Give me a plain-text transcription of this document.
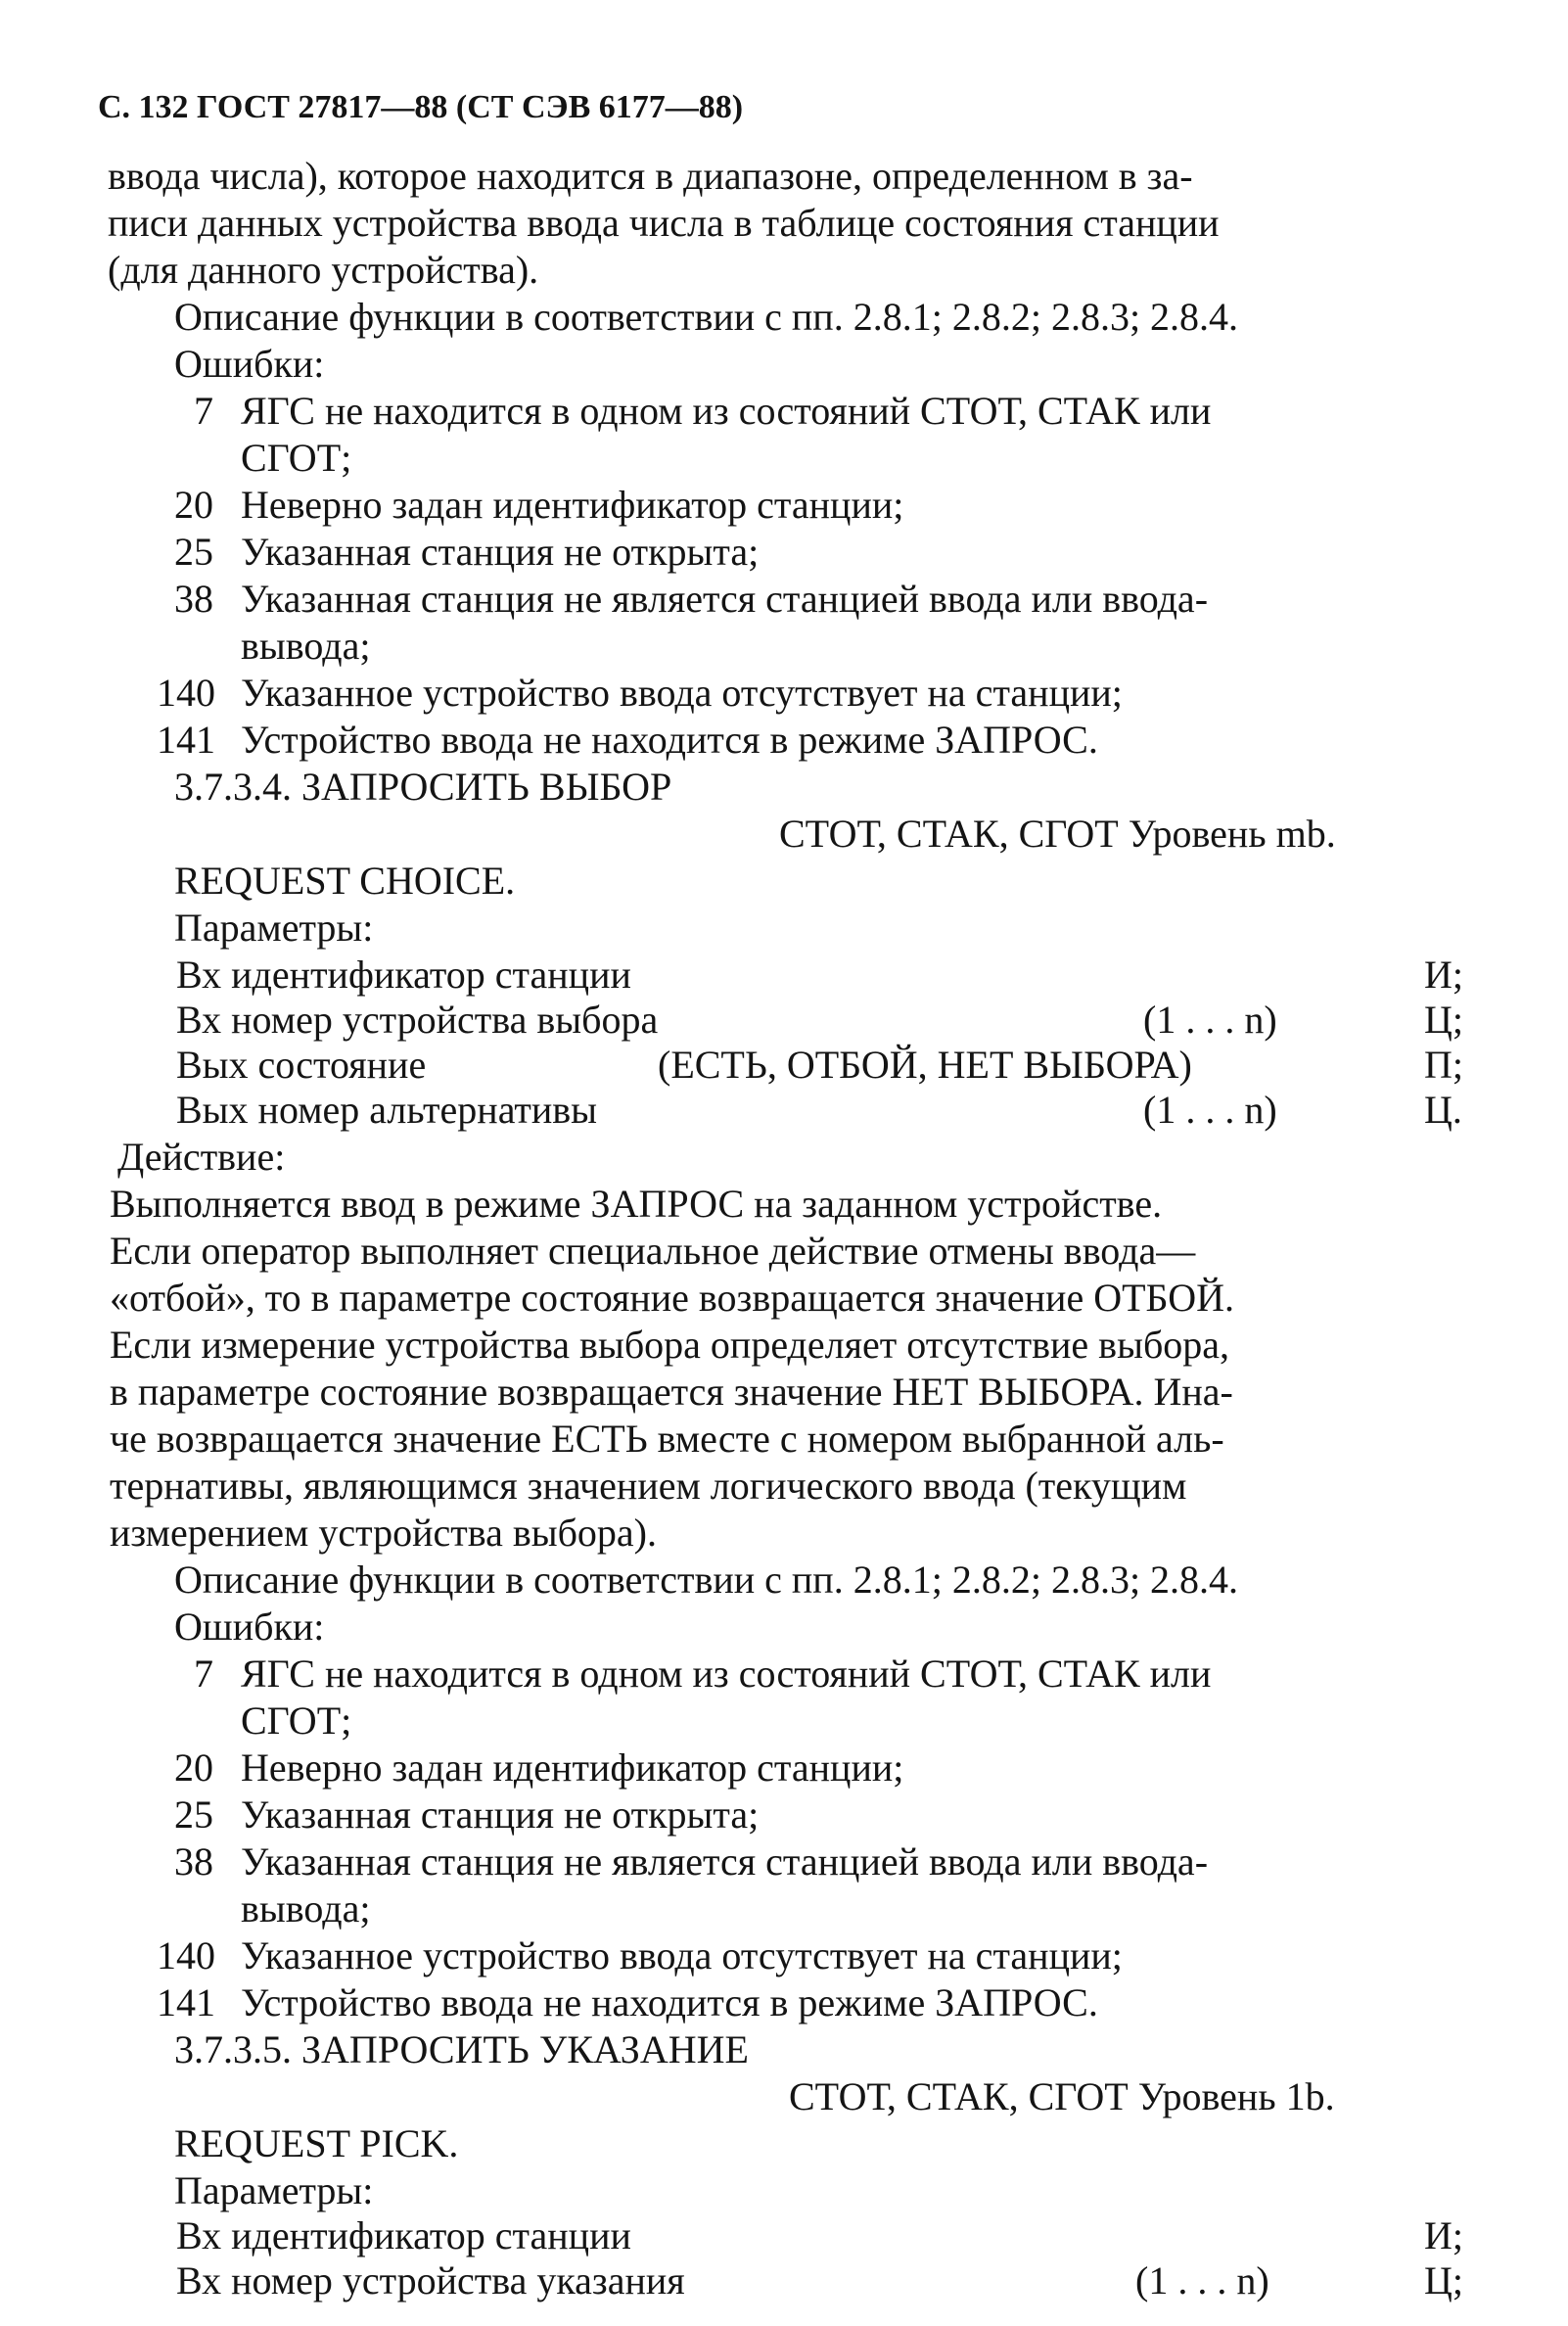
С. 132 ГОСТ 27817—88 (СТ СЭВ 6177—88)
ввода числа), которое находится в диапазоне, определенном в за-
писи данных устройства ввода числа в таблице состояния станции
(для данного устройства).
Описание функции в соответствии с пп. 2.8.1; 2.8.2; 2.8.3; 2.8.4.
Ошибки:
7 ЯГС не находится в одном из состояний СТОТ, СТАК или
СГОТ;
20 Неверно задан идентификатор станции;
25 Указанная станция не открыта;
38 Указанная станция не является станцией ввода или ввода-
вывода;
140 Указанное устройство ввода отсутствует на станции;
141 Устройство ввода не находится в режиме ЗАПРОС.
3.7.3.4. ЗАПРОСИТЬ ВЫБОР
СТОТ, СТАК, СГОТ Уровень mb.
REQUEST CHOICE.
Параметры:
Вх идентификатор станции	И;
Вх номер устройства выбора	(1 . . . n)	Ц;
Вых состояние	(ЕСТЬ, ОТБОЙ, НЕТ ВЫБОРА)	П;
Вых номер альтернативы	(1 . . . n)	Ц.
Действие:
Выполняется ввод в режиме ЗАПРОС на заданном устройстве.
Если оператор выполняет специальное действие отмены ввода—
«отбой», то в параметре состояние возвращается значение ОТБОЙ.
Если измерение устройства выбора определяет отсутствие выбора,
в параметре состояние возвращается значение НЕТ ВЫБОРА. Ина-
че возвращается значение ЕСТЬ вместе с номером выбранной аль-
тернативы, являющимся значением логического ввода (текущим
измерением устройства выбора).
Описание функции в соответствии с пп. 2.8.1; 2.8.2; 2.8.3; 2.8.4.
Ошибки:
7 ЯГС не находится в одном из состояний СТОТ, СТАК или
СГОТ;
20 Неверно задан идентификатор станции;
25 Указанная станция не открыта;
38 Указанная станция не является станцией ввода или ввода-
вывода;
140 Указанное устройство ввода отсутствует на станции;
141 Устройство ввода не находится в режиме ЗАПРОС.
3.7.3.5. ЗАПРОСИТЬ УКАЗАНИЕ
СТОТ, СТАК, СГОТ Уровень 1b.
REQUEST PICK.
Параметры:
Вх идентификатор станции	И;
Вх номер устройства указания	(1 . . . n)	Ц;
